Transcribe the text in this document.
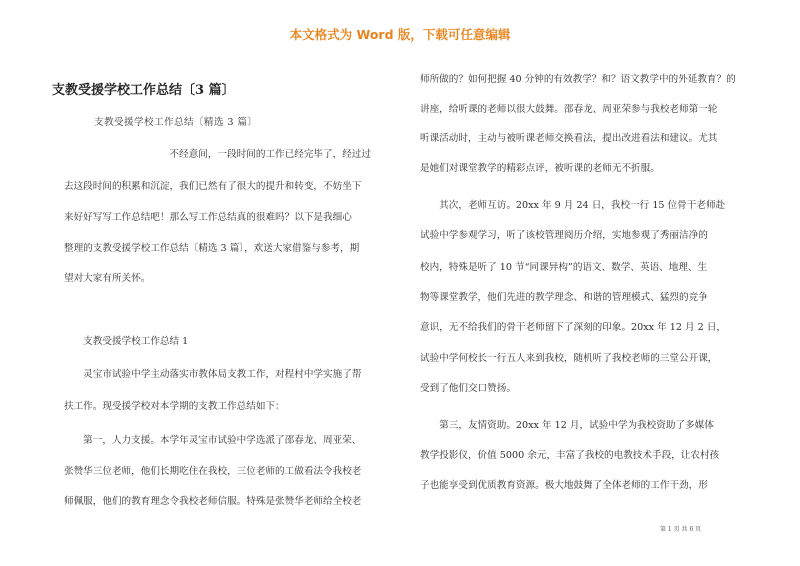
本文格式为 Word 版，下载可任意编辑
支教受援学校工作总结〔3 篇〕
支教受援学校工作总结〔精选 3 篇〕
　　　　　　　　　　　不经意间，一段时间的工作已经完毕了，经过过
去这段时间的积累和沉淀，我们已然有了很大的提升和转变，不妨坐下
来好好写写工作总结吧！那么写工作总结真的很难吗？以下是我细心
整理的支教受援学校工作总结〔精选 3 篇〕，欢送大家借鉴与参考，期
望对大家有所关怀。
　　支教受援学校工作总结 1
　　灵宝市试验中学主动落实市教体局支教工作，对程村中学实施了帮
扶工作。现受援学校对本学期的支教工作总结如下：
　　第一，人力支援。本学年灵宝市试验中学选派了邵春龙、周亚荣、
张赞华三位老师，他们长期吃住在我校，三位老师的工做看法令我校老
师佩服，他们的教育理念令我校老师信服。特殊是张赞华老师给全校老
师所做的？如何把握 40 分钟的有效教学？和？语文教学中的外延教育？的
讲座，给听课的老师以很大鼓舞。邵春龙、周亚荣参与我校老师第一轮
听课活动时，主动与被听课老师交换看法，提出改进看法和建议。尤其
是她们对课堂教学的精彩点评，被听课的老师无不折服。
　　其次，老师互访。20xx 年 9 月 24 日，我校一行 15 位骨干老师赴
试验中学参观学习，听了该校管理阅历介绍，实地参观了秀丽洁净的
校内，特殊是听了 10 节“同课异构”的语文、数学、英语、地理、生
物等课堂教学，他们先进的教学理念、和谐的管理模式、猛烈的竞争
意识，无不给我们的骨干老师留下了深刻的印象。20xx 年 12 月 2 日，
试验中学何校长一行五人来到我校，随机听了我校老师的三堂公开课，
受到了他们交口赞扬。
　　第三，友情资助。20xx 年 12 月，试验中学为我校资助了多媒体
教学投影仪，价值 5000 余元，丰富了我校的电教技术手段，让农村孩
子也能享受到优质教育资源。极大地鼓舞了全体老师的工作干劲，形
第 1 页 共 6 页
